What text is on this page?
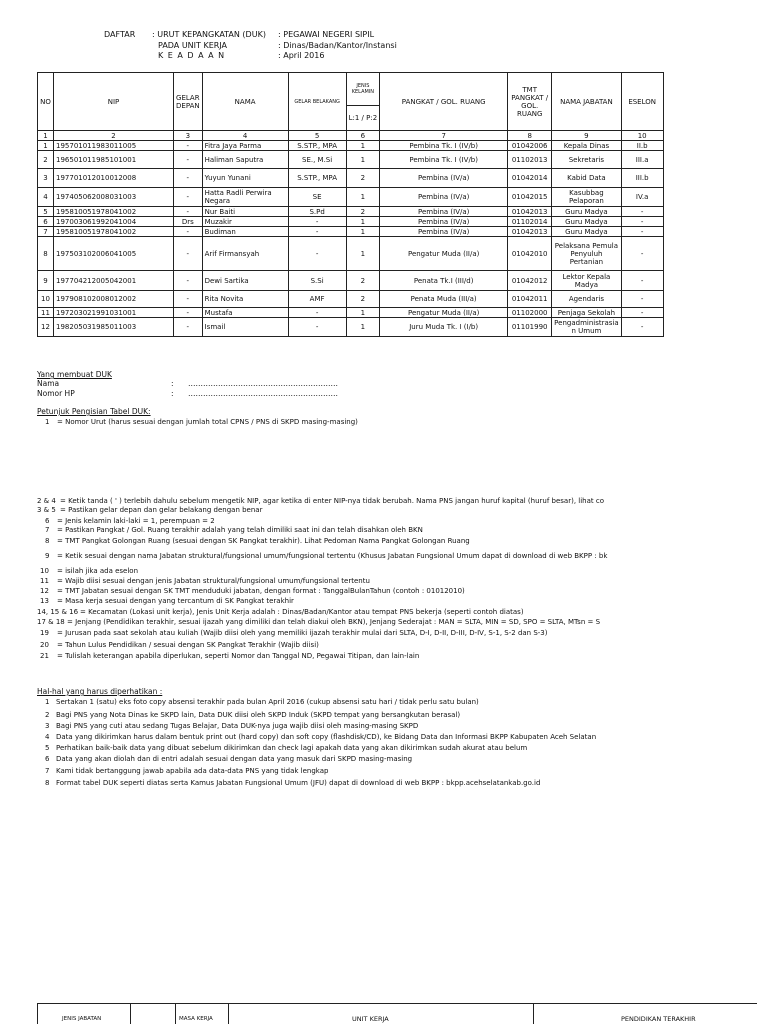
DAFTAR : URUT KEPANGKATAN (DUK) : PEGAWAI NEGERI SIPIL
PADA UNIT KERJA	: Dinas/Badan/Kantor/Instansi
K E A D A A N	: April 2016
NO	NIP	GELAR DEPAN	NAMA	GELAR BELAKANG	JENIS KELAMIN	PANGKAT / GOL. RUANG	TMT PANGKAT / GOL. RUANG	NAMA JABATAN	ESELON
					L:1 / P:2				
1	2	3	4	5	6	7	8	9	10
1	195701011983011005	-	Fitra Jaya Parma	S.STP., MPA	1	Pembina Tk. I (IV/b)	01042006	Kepala Dinas	II.b
2	196501011985101001	-	Haliman Saputra	SE., M.Si	1	Pembina Tk. I (IV/b)	01102013	Sekretaris	III.a
3	197701012010012008	-	Yuyun Yunani	S.STP., MPA	2	Pembina (IV/a)	01042014	Kabid Data	III.b
4	197405062008031003	-	Hatta Radli Perwira Negara	SE	1	Pembina (IV/a)	01042015	Kasubbag Pelaporan	IV.a
5	195810051978041002	-	Nur Baiti	S.Pd	2	Pembina (IV/a)	01042013	Guru Madya	-
6	197003061992041004	Drs	Muzakir	-	1	Pembina (IV/a)	01102014	Guru Madya	-
7	195810051978041002	-	Budiman	-	1	Pembina (IV/a)	01042013	Guru Madya	-
8	197503102006041005	-	Arif Firmansyah	-	1	Pengatur Muda (II/a)	01042010	Pelaksana Pemula Penyuluh Pertanian	-
9	197704212005042001	-	Dewi Sartika	S.Si	2	Penata Tk.I (III/d)	01042012	Lektor Kepala Madya	-
10	197908102008012002	-	Rita Novita	AMF	2	Penata Muda (III/a)	01042011	Agendaris	-
11	197203021991031001	-	Mustafa	-	1	Pengatur Muda (II/a)	01102000	Penjaga Sekolah	-
12	198205031985011003	-	Ismail	-	1	Juru Muda Tk. I (I/b)	01101990	Pengadministrasia n Umum	-
Yang membuat DUK
Nama	: ……………………………………………………
Nomor HP	: ……………………………………………………
Petunjuk Pengisian Tabel DUK:
1 = Nomor Urut (harus sesuai dengan jumlah total CPNS / PNS di SKPD masing-masing)
2 & 4 = Ketik tanda ( ' ) terlebih dahulu sebelum mengetik NIP, agar ketika di enter NIP-nya tidak berubah. Nama PNS jangan huruf kapital (huruf besar), lihat co
3 & 5 = Pastikan gelar depan dan gelar belakang dengan benar
6 = Jenis kelamin laki-laki = 1, perempuan = 2
7 = Pastikan Pangkat / Gol. Ruang terakhir adalah yang telah dimiliki saat ini dan telah disahkan oleh BKN
8 = TMT Pangkat Golongan Ruang (sesuai dengan SK Pangkat terakhir). Lihat Pedoman Nama Pangkat Golongan Ruang
9 = Ketik sesuai dengan nama Jabatan struktural/fungsional umum/fungsional tertentu (Khusus Jabatan Fungsional Umum dapat di download di web BKPP : bk
10 = isilah jika ada eselon
11 = Wajib diisi sesuai dengan jenis Jabatan struktural/fungsional umum/fungsional tertentu
12 = TMT Jabatan sesuai dengan SK TMT menduduki jabatan, dengan format : TanggalBulanTahun (contoh : 01012010)
13 = Masa kerja sesuai dengan yang tercantum di SK Pangkat terakhir
14, 15 & 16 = Kecamatan (Lokasi unit kerja), Jenis Unit Kerja adalah : Dinas/Badan/Kantor atau tempat PNS bekerja (seperti contoh diatas)
17 & 18 = Jenjang (Pendidikan terakhir, sesuai ijazah yang dimiliki dan telah diakui oleh BKN), Jenjang Sederajat : MAN = SLTA, MIN = SD, SPO = SLTA, MTsn = S
19 = Jurusan pada saat sekolah atau kuliah (Wajib diisi oleh yang memiliki ijazah terakhir mulai dari SLTA, D-I, D-II, D-III, D-IV, S-1, S-2 dan S-3)
20 = Tahun Lulus Pendidikan / sesuai dengan SK Pangkat Terakhir (Wajib diisi)
21 = Tulislah keterangan apabila diperlukan, seperti Nomor dan Tanggal ND, Pegawai Titipan, dan lain-lain
Hal-hal yang harus diperhatikan :
1 Sertakan 1 (satu) eks foto copy absensi terakhir pada bulan April 2016 (cukup absensi satu hari / tidak perlu satu bulan)
2 Bagi PNS yang Nota Dinas ke SKPD lain, Data DUK diisi oleh SKPD Induk (SKPD tempat yang bersangkutan berasal)
3 Bagi PNS yang cuti atau sedang Tugas Belajar, Data DUK-nya juga wajib diisi oleh masing-masing SKPD
4 Data yang dikirimkan harus dalam bentuk print out (hard copy) dan soft copy (flashdisk/CD), ke Bidang Data dan Informasi BKPP Kabupaten Aceh Selatan
5 Perhatikan baik-baik data yang dibuat sebelum dikirimkan dan check lagi apakah data yang akan dikirimkan sudah akurat atau belum
6 Data yang akan diolah dan di entri adalah sesuai dengan data yang masuk dari SKPD masing-masing
7 Kami tidak bertanggung jawab apabila ada data-data PNS yang tidak lengkap
8 Format tabel DUK seperti diatas serta Kamus Jabatan Fungsional Umum (JFU) dapat di download di web BKPP : bkpp.acehselatankab.go.id
JENIS JABATAN	MASA KERJA	UNIT KERJA	PENDIDIKAN TERAKHIR
